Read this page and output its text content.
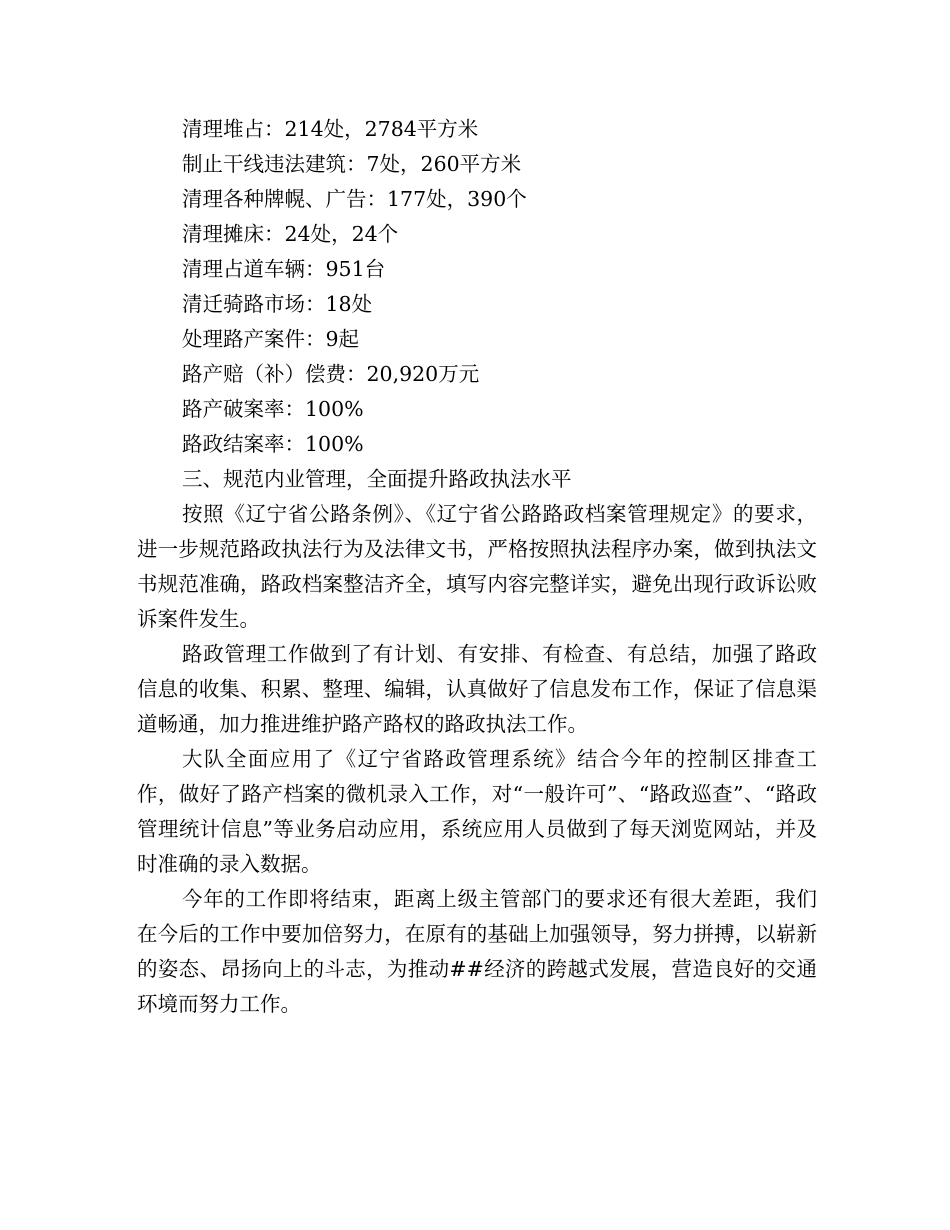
清理堆占：214处，2784平方米
制止干线违法建筑：7处，260平方米
清理各种牌幌、广告：177处，390个
清理摊床：24处，24个
清理占道车辆：951台
清迁骑路市场：18处
处理路产案件：9起
路产赔（补）偿费：20,920万元
路产破案率：100%
路政结案率：100%
三、规范内业管理，全面提升路政执法水平

按照《辽宁省公路条例》、《辽宁省公路路政档案管理规定》的要求，进一步规范路政执法行为及法律文书，严格按照执法程序办案，做到执法文书规范准确，路政档案整洁齐全，填写内容完整详实，避免出现行政诉讼败诉案件发生。

路政管理工作做到了有计划、有安排、有检查、有总结，加强了路政信息的收集、积累、整理、编辑，认真做好了信息发布工作，保证了信息渠道畅通，加力推进维护路产路权的路政执法工作。

大队全面应用了《辽宁省路政管理系统》结合今年的控制区排查工作，做好了路产档案的微机录入工作，对“一般许可”、“路政巡查”、“路政管理统计信息”等业务启动应用，系统应用人员做到了每天浏览网站，并及时准确的录入数据。

今年的工作即将结束，距离上级主管部门的要求还有很大差距，我们在今后的工作中要加倍努力，在原有的基础上加强领导，努力拼搏，以崭新的姿态、昂扬向上的斗志，为推动##经济的跨越式发展，营造良好的交通环境而努力工作。
